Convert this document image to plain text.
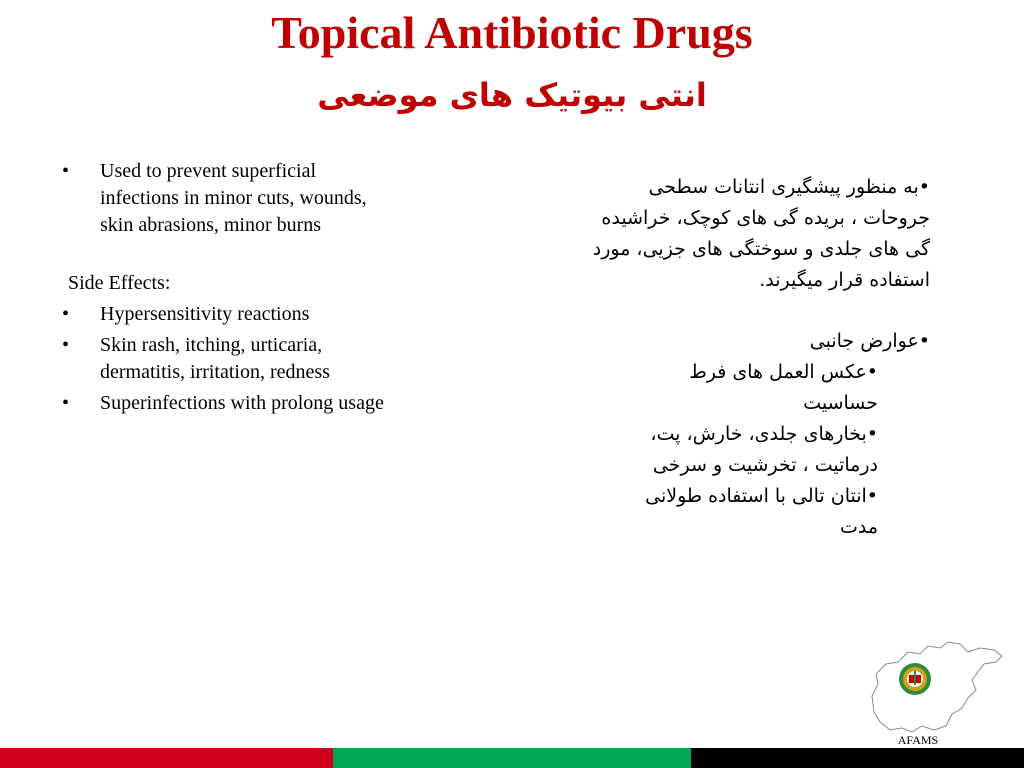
Topical Antibiotic Drugs
انتی بیوتیک های موضعی
•	Used to prevent superficial infections in minor cuts, wounds, skin abrasions, minor burns
Side Effects:
•	Hypersensitivity reactions
•	Skin rash, itching, urticaria, dermatitis, irritation, redness
•	Superinfections with prolong usage

•به منظور پیشگیری انتانات سطحی جروحات ، بریده گی های کوچک، خراشیده گی های جلدی و سوختگی های جزیی، مورد استفاده قرار میگیرند.

•عوارض جانبی

•عکس العمل های فرط حساسیت

•بخارهای جلدی، خارش، پت، درماتیت ، تخرشیت و سرخی

•انتان تالی با استفاده طولانی مدت

AFAMS
